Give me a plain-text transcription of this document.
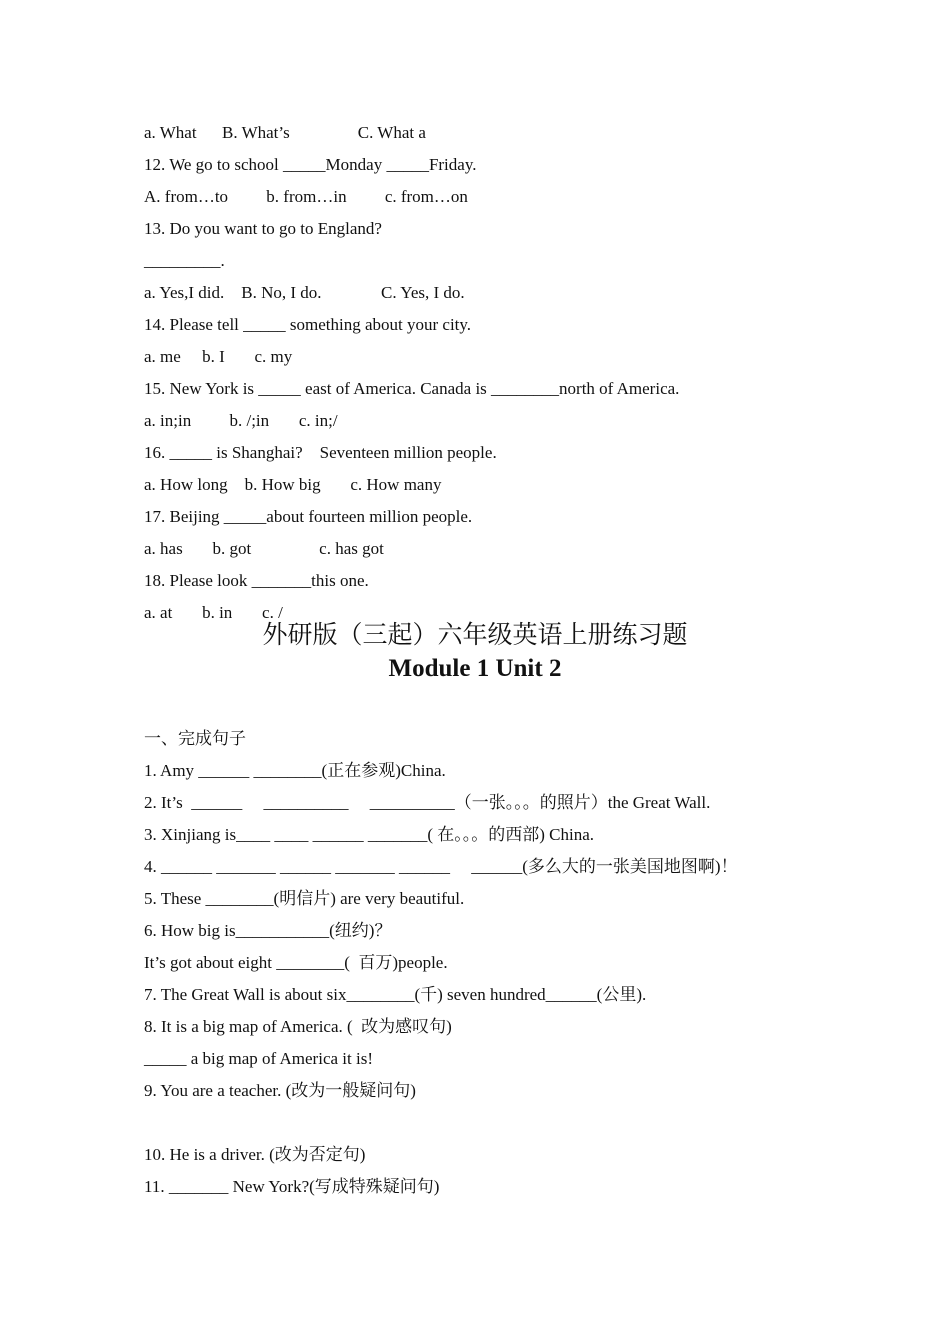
a. What      B. What’s                C. What a
12. We go to school _____Monday _____Friday.
A. from…to         b. from…in         c. from…on
13. Do you want to go to England?
_________.
a. Yes,I did.    B. No, I do.              C. Yes, I do.
14. Please tell _____ something about your city.
a. me     b. I       c. my
15. New York is _____ east of America. Canada is ________north of America.
a. in;in         b. /;in       c. in;/
16. _____ is Shanghai?    Seventeen million people.
a. How long    b. How big       c. How many
17. Beijing _____about fourteen million people.
a. has       b. got                c. has got
18. Please look _______this one.
a. at       b. in       c. /
外研版（三起）六年级英语上册练习题
Module 1 Unit 2
一、完成句子
1. Amy ______ ________(正在参观)China.
2. It’s  ______     __________     __________（一张。。。的照片）the Great Wall.
3. Xinjiang is____ ____ ______ _______( 在。。。的西部) China.
4. ______ _______ ______ _______ ______     ______(多么大的一张美国地图啊)！
5. These ________(明信片) are very beautiful.
6. How big is___________(纽约)？
It’s got about eight ________(  百万)people.
7. The Great Wall is about six________(千) seven hundred______(公里).
8. It is a big map of America. (  改为感叹句)
_____ a big map of America it is!
9. You are a teacher. (改为一般疑问句)
10. He is a driver. (改为否定句)
11. _______ New York?(写成特殊疑问句)
